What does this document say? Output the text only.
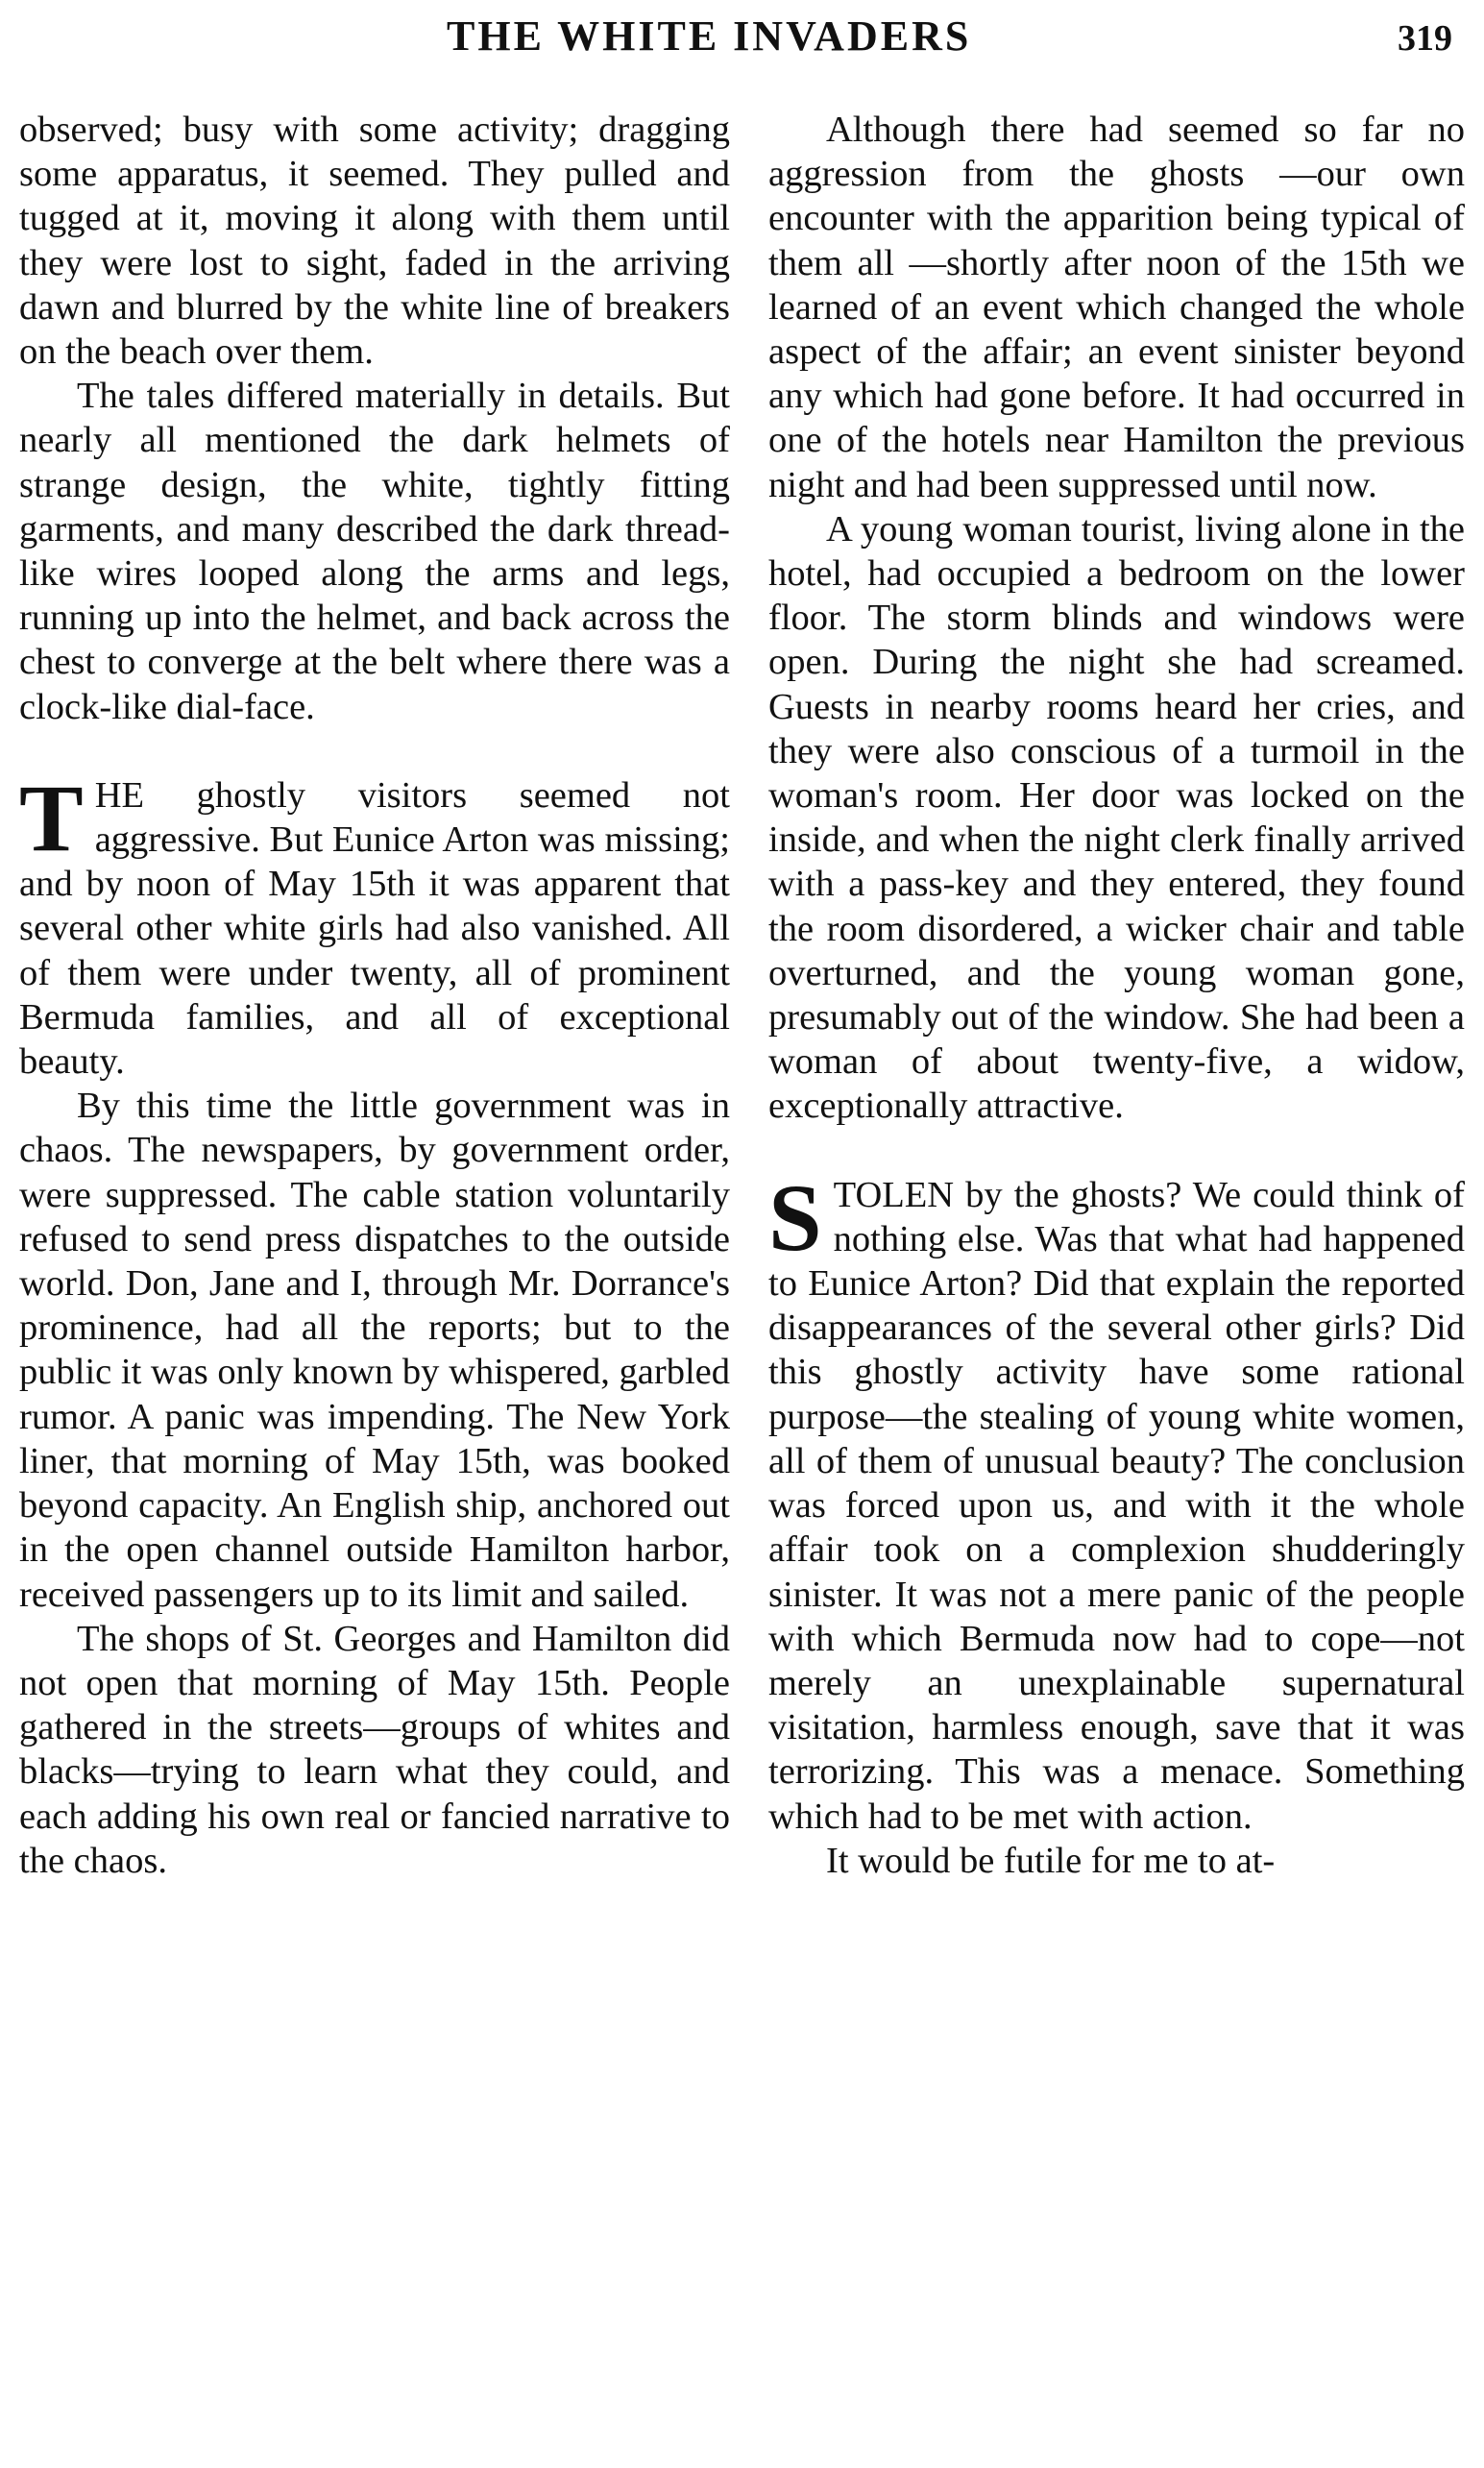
THE WHITE INVADERS	319

observed; busy with some activity; dragging some apparatus, it seemed. They pulled and tugged at it, moving it along with them until they were lost to sight, faded in the arriving dawn and blurred by the white line of breakers on the beach over them.

The tales differed materially in details. But nearly all mentioned the dark helmets of strange design, the white, tightly fitting garments, and many described the dark thread-like wires looped along the arms and legs, running up into the helmet, and back across the chest to converge at the belt where there was a clock-like dial-face.

THE ghostly visitors seemed not aggressive. But Eunice Arton was missing; and by noon of May 15th it was apparent that several other white girls had also vanished. All of them were under twenty, all of prominent Bermuda families, and all of exceptional beauty.

By this time the little government was in chaos. The newspapers, by government order, were suppressed. The cable station voluntarily refused to send press dispatches to the outside world. Don, Jane and I, through Mr. Dorrance's prominence, had all the reports; but to the public it was only known by whispered, garbled rumor. A panic was impending. The New York liner, that morning of May 15th, was booked beyond capacity. An English ship, anchored out in the open channel outside Hamilton harbor, received passengers up to its limit and sailed.

The shops of St. Georges and Hamilton did not open that morning of May 15th. People gathered in the streets—groups of whites and blacks—trying to learn what they could, and each adding his own real or fancied narrative to the chaos.

Although there had seemed so far no aggression from the ghosts —our own encounter with the apparition being typical of them all —shortly after noon of the 15th we learned of an event which changed the whole aspect of the affair; an event sinister beyond any which had gone before. It had occurred in one of the hotels near Hamilton the previous night and had been suppressed until now.

A young woman tourist, living alone in the hotel, had occupied a bedroom on the lower floor. The storm blinds and windows were open. During the night she had screamed. Guests in nearby rooms heard her cries, and they were also conscious of a turmoil in the woman's room. Her door was locked on the inside, and when the night clerk finally arrived with a pass-key and they entered, they found the room disordered, a wicker chair and table overturned, and the young woman gone, presumably out of the window. She had been a woman of about twenty-five, a widow, exceptionally attractive.

STOLEN by the ghosts? We could think of nothing else. Was that what had happened to Eunice Arton? Did that explain the reported disappearances of the several other girls? Did this ghostly activity have some rational purpose—the stealing of young white women, all of them of unusual beauty? The conclusion was forced upon us, and with it the whole affair took on a complexion shudderingly sinister. It was not a mere panic of the people with which Bermuda now had to cope—not merely an unexplainable supernatural visitation, harmless enough, save that it was terrorizing. This was a menace. Something which had to be met with action.

It would be futile for me to at-
